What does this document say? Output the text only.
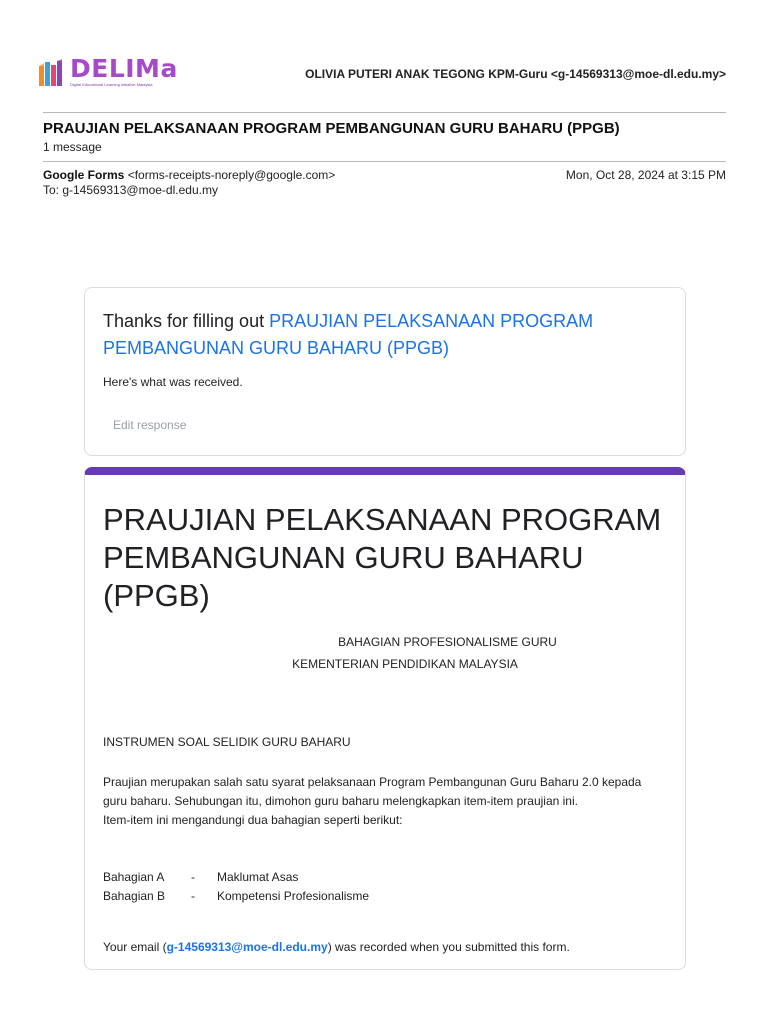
DELIMa
Digital Educational Learning Initiative Malaysia
OLIVIA PUTERI ANAK TEGONG KPM-Guru <g-14569313@moe-dl.edu.my>
PRAUJIAN PELAKSANAAN PROGRAM PEMBANGUNAN GURU BAHARU (PPGB)
1 message
Google Forms <forms-receipts-noreply@google.com>
To: g-14569313@moe-dl.edu.my
Mon, Oct 28, 2024 at 3:15 PM
Thanks for filling out PRAUJIAN PELAKSANAAN PROGRAM PEMBANGUNAN GURU BAHARU (PPGB)
Here's what was received.
Edit response
PRAUJIAN PELAKSANAAN PROGRAM PEMBANGUNAN GURU BAHARU (PPGB)
BAHAGIAN PROFESIONALISME GURU
KEMENTERIAN PENDIDIKAN MALAYSIA
INSTRUMEN SOAL SELIDIK GURU BAHARU
Praujian merupakan salah satu syarat pelaksanaan Program Pembangunan Guru Baharu 2.0 kepada guru baharu. Sehubungan itu, dimohon guru baharu melengkapkan item-item praujian ini.
Item-item ini mengandungi dua bahagian seperti berikut:
Bahagian A	-	Maklumat Asas
Bahagian B	-	Kompetensi Profesionalisme
Your email (g-14569313@moe-dl.edu.my) was recorded when you submitted this form.
